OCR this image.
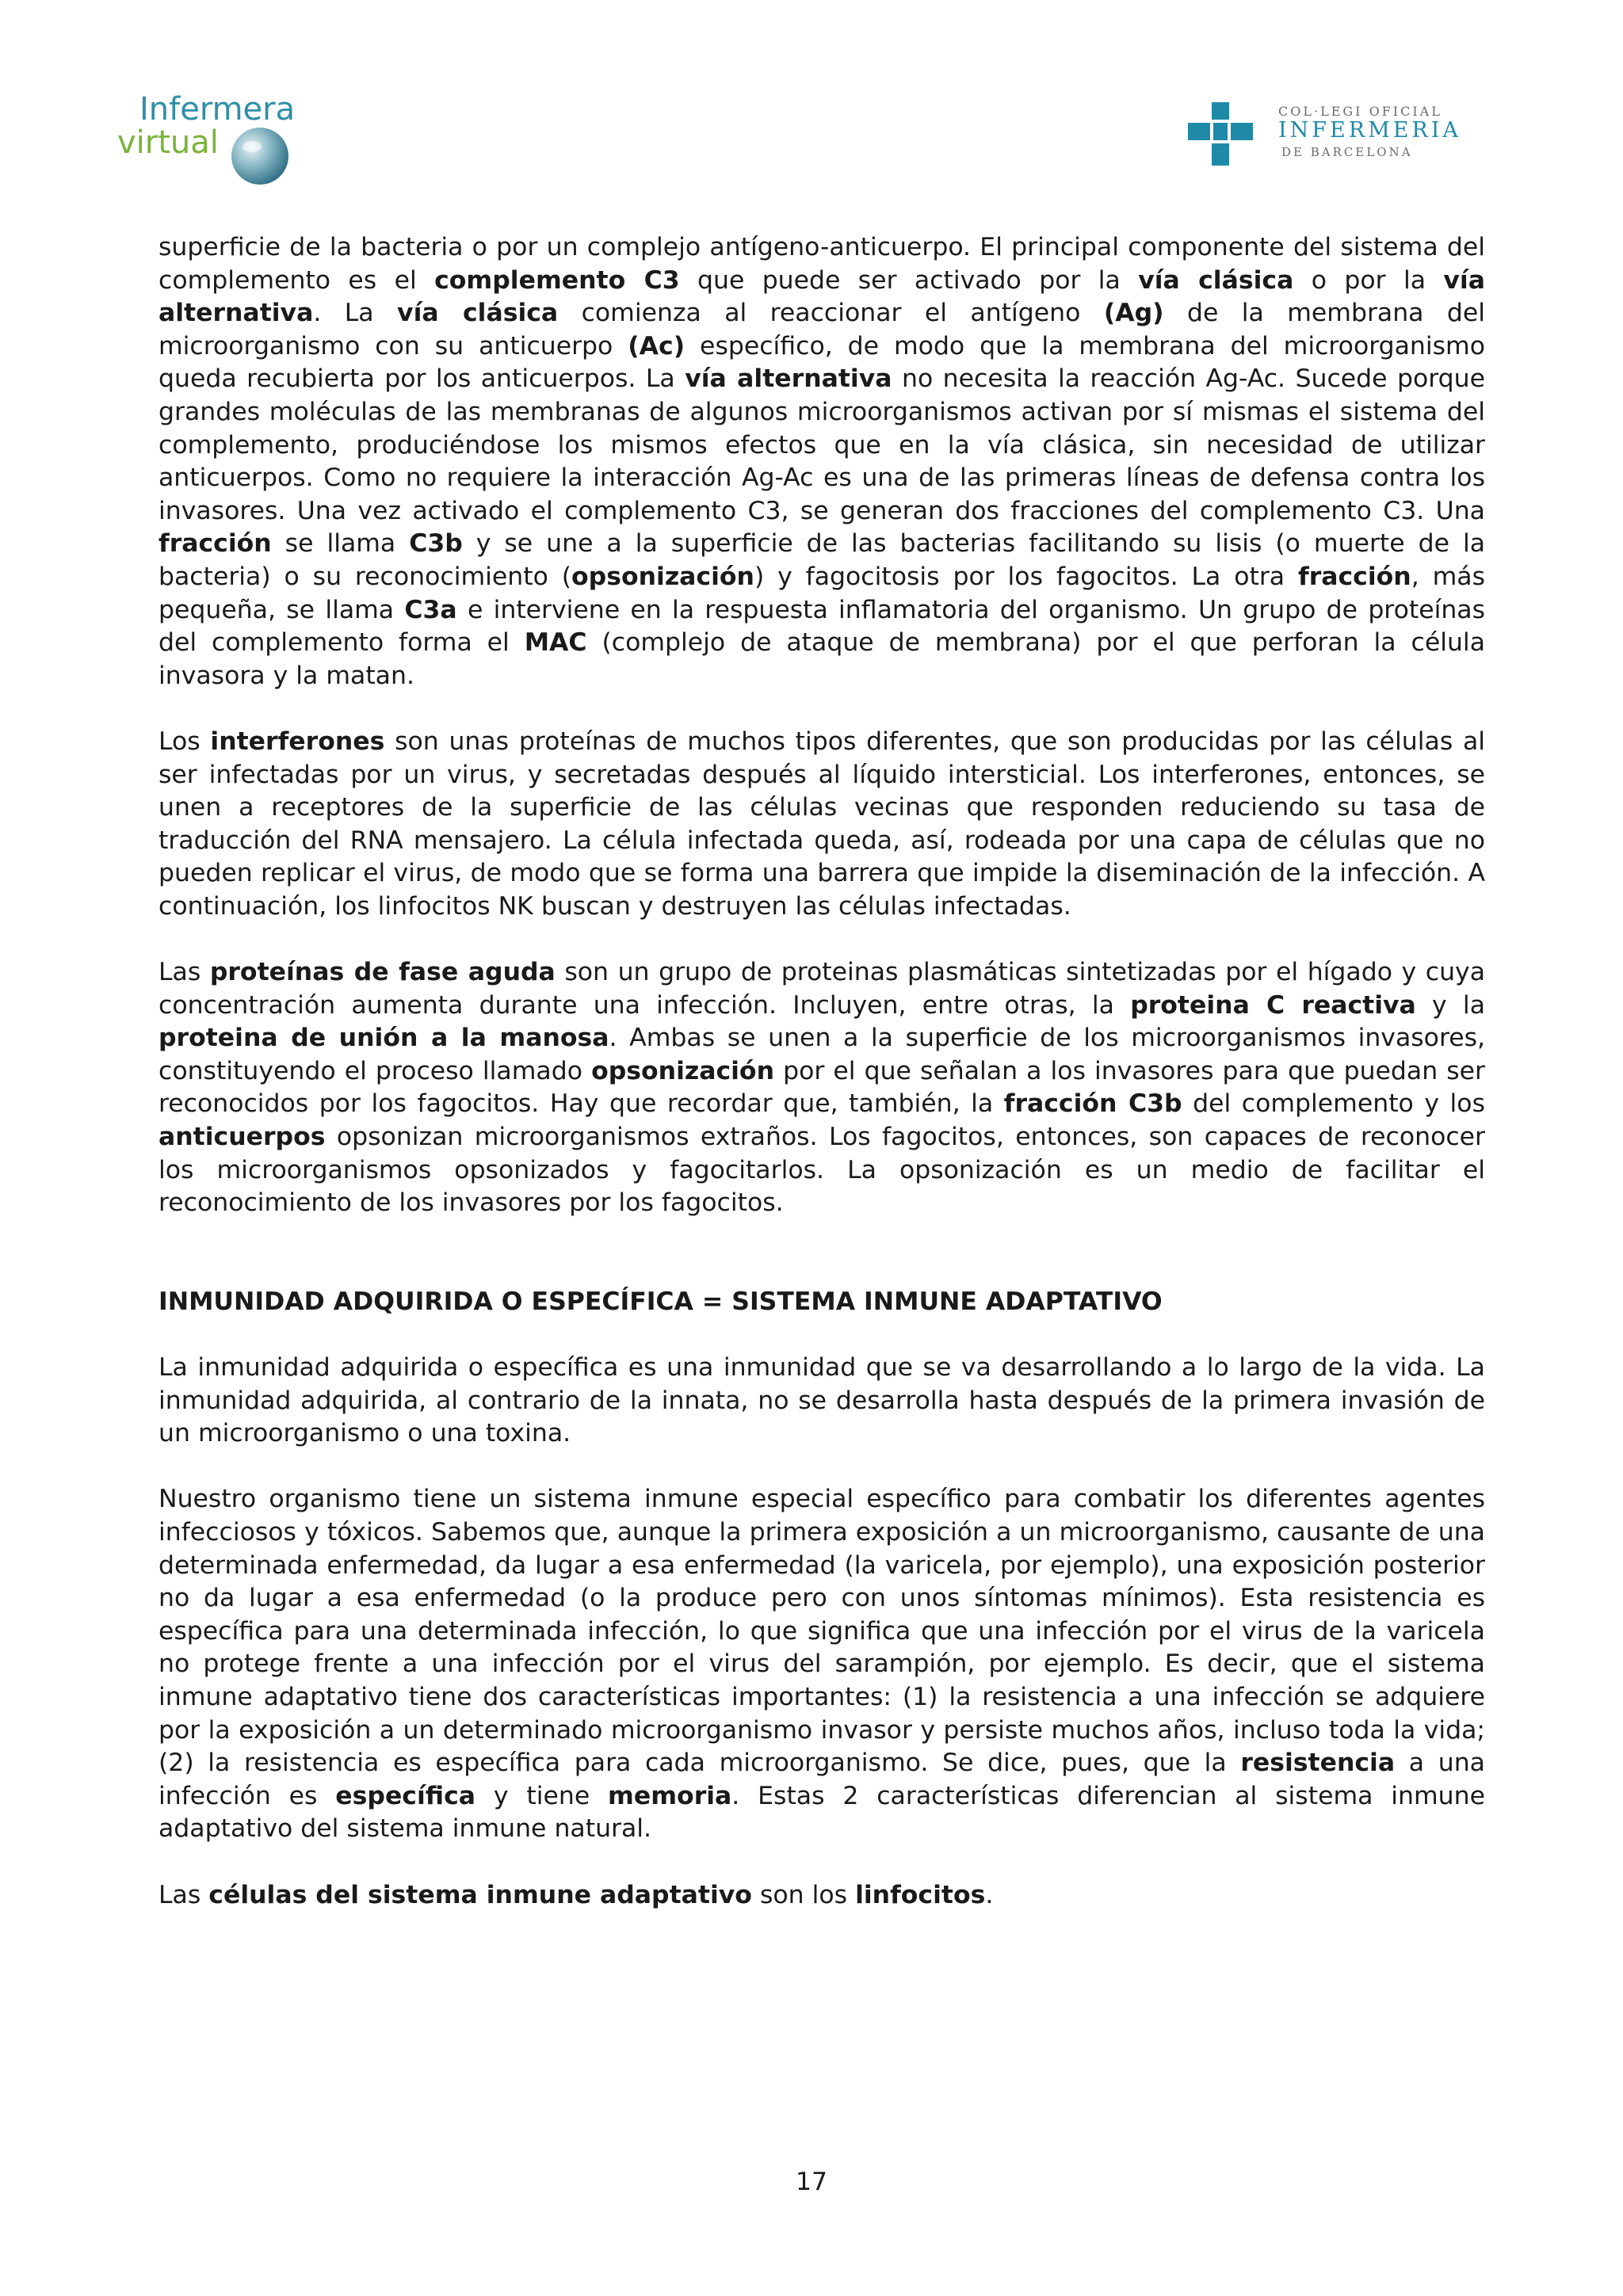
Infermera
virtual
COL·LEGI OFICIAL
INFERMERIA
DE BARCELONA

superficie de la bacteria o por un complejo antígeno-anticuerpo. El principal componente del sistema del complemento es el complemento C3 que puede ser activado por la vía clásica o por la vía alternativa. La vía clásica comienza al reaccionar el antígeno (Ag) de la membrana del microorganismo con su anticuerpo (Ac) específico, de modo que la membrana del microorganismo queda recubierta por los anticuerpos. La vía alternativa no necesita la reacción Ag-Ac. Sucede porque grandes moléculas de las membranas de algunos microorganismos activan por sí mismas el sistema del complemento, produciéndose los mismos efectos que en la vía clásica, sin necesidad de utilizar anticuerpos. Como no requiere la interacción Ag-Ac es una de las primeras líneas de defensa contra los invasores. Una vez activado el complemento C3, se generan dos fracciones del complemento C3. Una fracción se llama C3b y se une a la superficie de las bacterias facilitando su lisis (o muerte de la bacteria) o su reconocimiento (opsonización) y fagocitosis por los fagocitos. La otra fracción, más pequeña, se llama C3a e interviene en la respuesta inflamatoria del organismo. Un grupo de proteínas del complemento forma el MAC (complejo de ataque de membrana) por el que perforan la célula invasora y la matan.

Los interferones son unas proteínas de muchos tipos diferentes, que son producidas por las células al ser infectadas por un virus, y secretadas después al líquido intersticial. Los interferones, entonces, se unen a receptores de la superficie de las células vecinas que responden reduciendo su tasa de traducción del RNA mensajero. La célula infectada queda, así, rodeada por una capa de células que no pueden replicar el virus, de modo que se forma una barrera que impide la diseminación de la infección. A continuación, los linfocitos NK buscan y destruyen las células infectadas.

Las proteínas de fase aguda son un grupo de proteinas plasmáticas sintetizadas por el hígado y cuya concentración aumenta durante una infección. Incluyen, entre otras, la proteina C reactiva y la proteina de unión a la manosa. Ambas se unen a la superficie de los microorganismos invasores, constituyendo el proceso llamado opsonización por el que señalan a los invasores para que puedan ser reconocidos por los fagocitos. Hay que recordar que, también, la fracción C3b del complemento y los anticuerpos opsonizan microorganismos extraños. Los fagocitos, entonces, son capaces de reconocer los microorganismos opsonizados y fagocitarlos. La opsonización es un medio de facilitar el reconocimiento de los invasores por los fagocitos.

INMUNIDAD ADQUIRIDA O ESPECÍFICA = SISTEMA INMUNE ADAPTATIVO

La inmunidad adquirida o específica es una inmunidad que se va desarrollando a lo largo de la vida. La inmunidad adquirida, al contrario de la innata, no se desarrolla hasta después de la primera invasión de un microorganismo o una toxina.

Nuestro organismo tiene un sistema inmune especial específico para combatir los diferentes agentes infecciosos y tóxicos. Sabemos que, aunque la primera exposición a un microorganismo, causante de una determinada enfermedad, da lugar a esa enfermedad (la varicela, por ejemplo), una exposición posterior no da lugar a esa enfermedad (o la produce pero con unos síntomas mínimos). Esta resistencia es específica para una determinada infección, lo que significa que una infección por el virus de la varicela no protege frente a una infección por el virus del sarampión, por ejemplo. Es decir, que el sistema inmune adaptativo tiene dos características importantes: (1) la resistencia a una infección se adquiere por la exposición a un determinado microorganismo invasor y persiste muchos años, incluso toda la vida; (2) la resistencia es específica para cada microorganismo. Se dice, pues, que la resistencia a una infección es específica y tiene memoria. Estas 2 características diferencian al sistema inmune adaptativo del sistema inmune natural.

Las células del sistema inmune adaptativo son los linfocitos.

17
